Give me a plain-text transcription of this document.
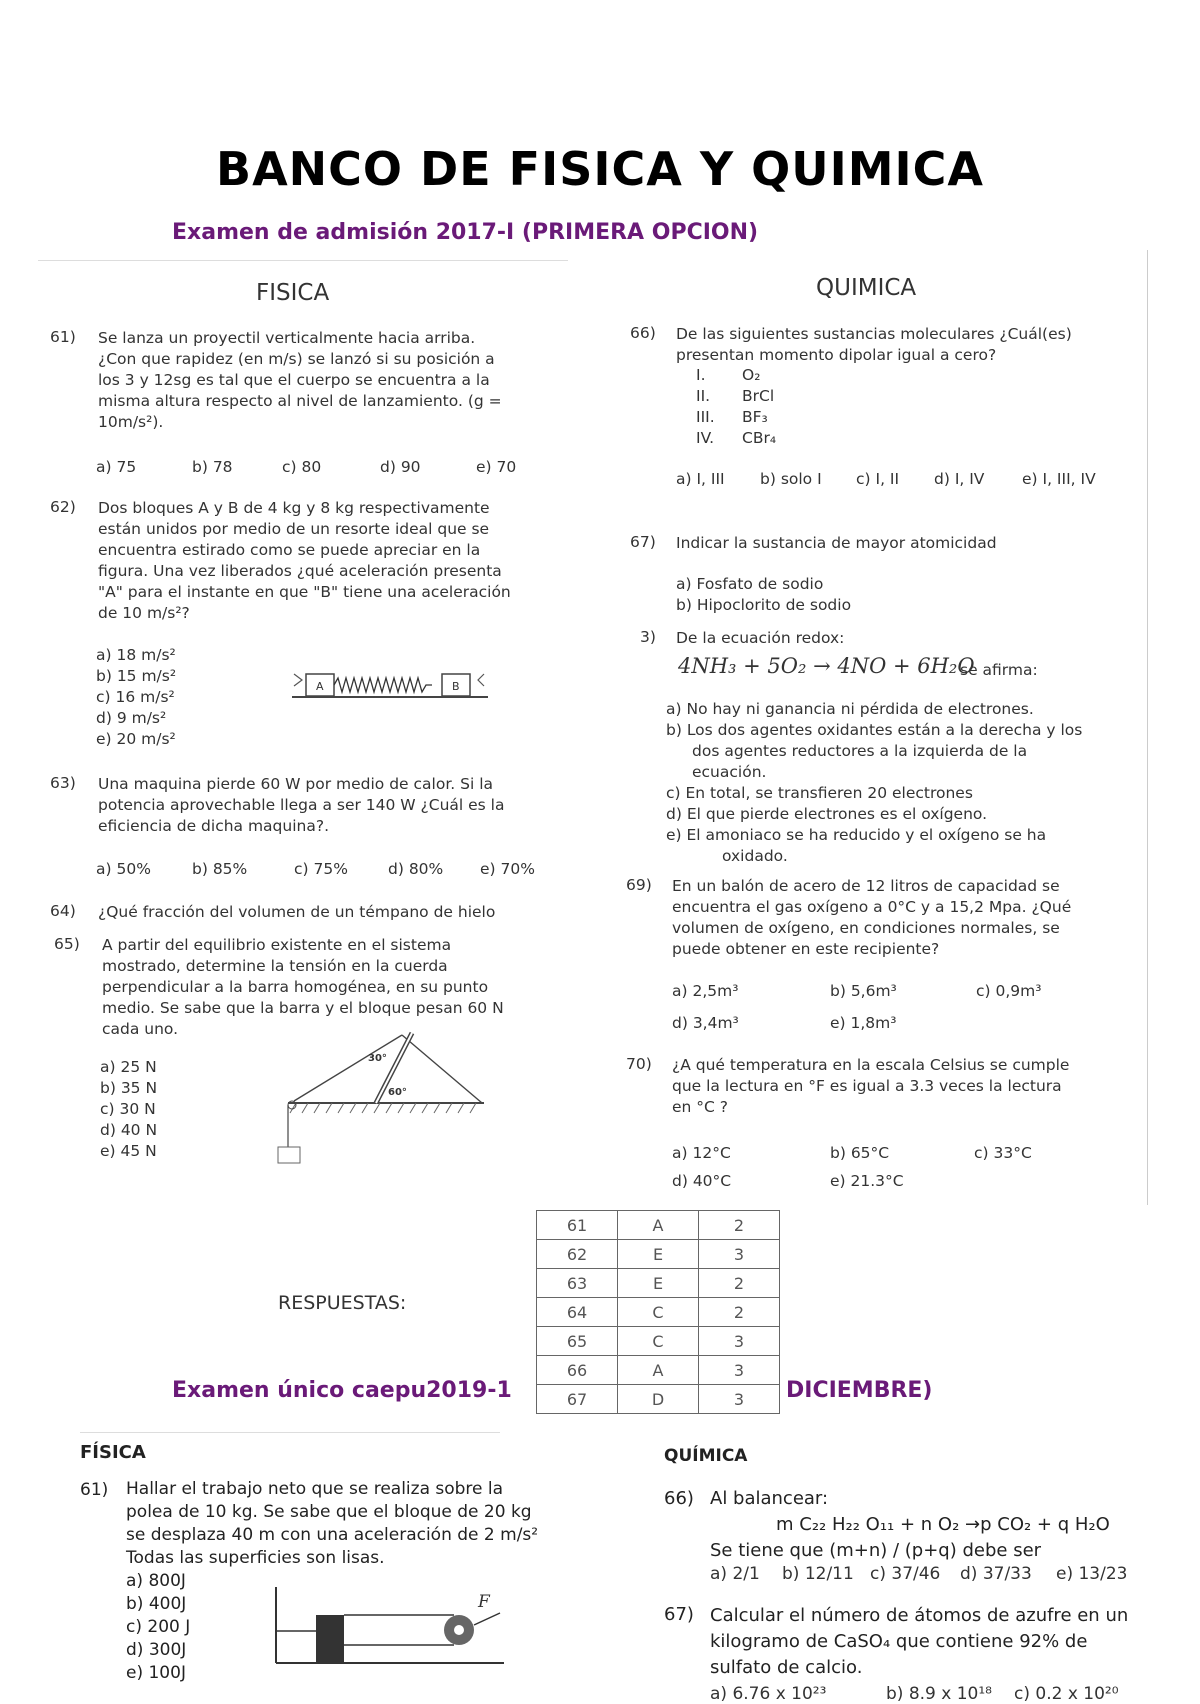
BANCO DE FISICA Y QUIMICA
Examen de admisión 2017-I (PRIMERA OPCION)
FISICA
61) Se lanza un proyectil verticalmente hacia arriba.
¿Con que rapidez (en m/s) se lanzó si su posición a
los 3 y 12sg es tal que el cuerpo se encuentra a la
misma altura respecto al nivel de lanzamiento. (g =
10m/s²).
a) 75	b) 78	c) 80	d) 90	e) 70
62) Dos bloques A y B de 4 kg y 8 kg respectivamente
están unidos por medio de un resorte ideal que se
encuentra estirado como se puede apreciar en la
figura. Una vez liberados ¿qué aceleración presenta
"A" para el instante en que "B" tiene una aceleración
de 10 m/s²?
a) 18 m/s²
b) 15 m/s²
c) 16 m/s²
d) 9 m/s²
e) 20 m/s²
A	B
63) Una maquina pierde 60 W por medio de calor. Si la
potencia aprovechable llega a ser 140 W ¿Cuál es la
eficiencia de dicha maquina?.
a) 50%	b) 85%	c) 75%	d) 80%	e) 70%
64) ¿Qué fracción del volumen de un témpano de hielo
65) A partir del equilibrio existente en el sistema
mostrado, determine la tensión en la cuerda
perpendicular a la barra homogénea, en su punto
medio. Se sabe que la barra y el bloque pesan 60 N
cada uno.
a) 25 N
b) 35 N
c) 30 N
d) 40 N
e) 45 N
30°
60°
QUIMICA
66) De las siguientes sustancias moleculares ¿Cuál(es)
presentan momento dipolar igual a cero?
I. O₂
II. BrCl
III. BF₃
IV. CBr₄
a) I, III	b) solo I	c) I, II	d) I, IV	e) I, III, IV
67) Indicar la sustancia de mayor atomicidad
a) Fosfato de sodio
b) Hipoclorito de sodio
3) De la ecuación redox:
4NH₃ + 5O₂ → 4NO + 6H₂O
se afirma:
a) No hay ni ganancia ni pérdida de electrones.
b) Los dos agentes oxidantes están a la derecha y los
dos agentes reductores a la izquierda de la
ecuación.
c) En total, se transfieren 20 electrones
d) El que pierde electrones es el oxígeno.
e) El amoniaco se ha reducido y el oxígeno se ha
oxidado.
69) En un balón de acero de 12 litros de capacidad se
encuentra el gas oxígeno a 0°C y a 15,2 Mpa. ¿Qué
volumen de oxígeno, en condiciones normales, se
puede obtener en este recipiente?
a) 2,5m³	b) 5,6m³	c) 0,9m³
d) 3,4m³	e) 1,8m³
70) ¿A qué temperatura en la escala Celsius se cumple
que la lectura en °F es igual a 3.3 veces la lectura
en °C ?
a) 12°C	b) 65°C	c) 33°C
d) 40°C	e) 21.3°C
RESPUESTAS:
Examen único caepu2019-1	DICIEMBRE)
61	A	2
62	E	3
63	E	2
64	C	2
65	C	3
66	A	3
67	D	3
FÍSICA
61) Hallar el trabajo neto que se realiza sobre la
polea de 10 kg. Se sabe que el bloque de 20 kg
se desplaza 40 m con una aceleración de 2 m/s²
Todas las superficies son lisas.
a) 800J
b) 400J
c) 200 J
d) 300J
e) 100J
F
QUÍMICA
66) Al balancear:
m C₂₂ H₂₂ O₁₁ + n O₂ →p CO₂ + q H₂O
Se tiene que (m+n) / (p+q) debe ser
a) 2/1	b) 12/11 c) 37/46	d) 37/33	e) 13/23
67) Calcular el número de átomos de azufre en un
kilogramo de CaSO₄ que contiene 92% de
sulfato de calcio.
a) 6.76 x 10²³	b) 8.9 x 10¹⁸	c) 0.2 x 10²⁰
